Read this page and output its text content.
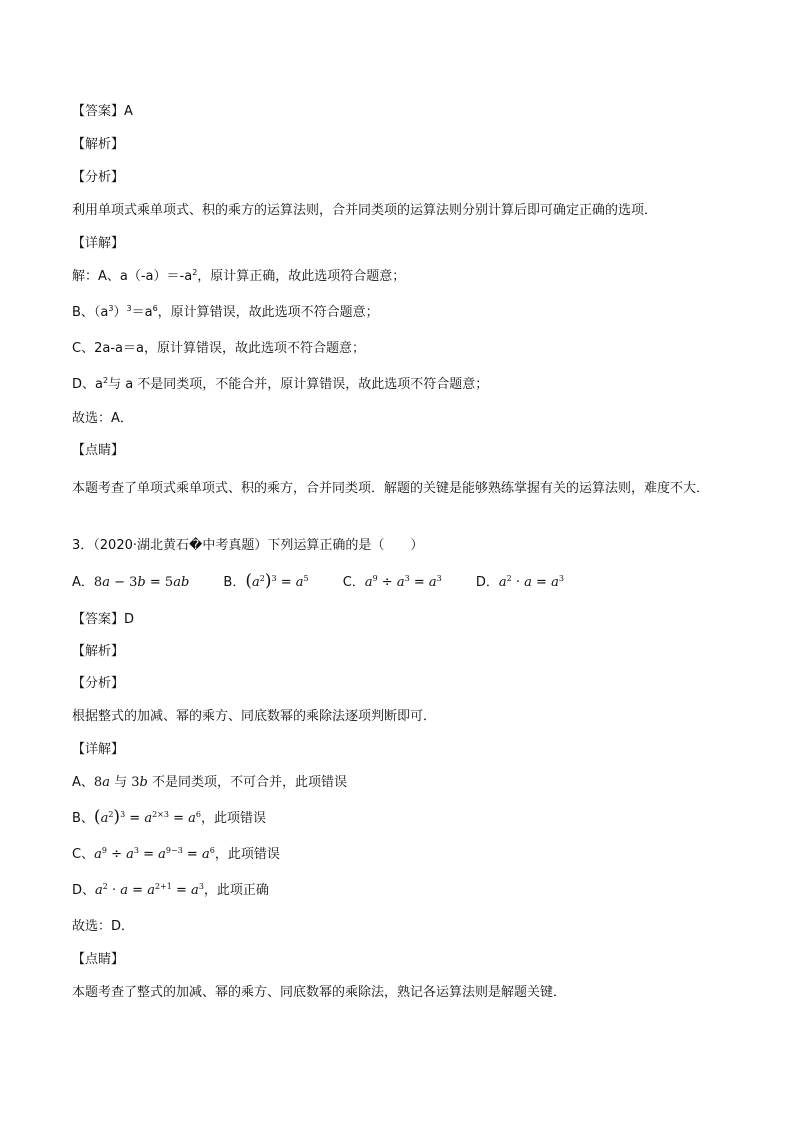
【答案】A
【解析】
【分析】
利用单项式乘单项式、积的乘方的运算法则，合并同类项的运算法则分别计算后即可确定正确的选项．
【详解】
解：A、$a(-a)=-a^2$，原计算正确，故此选项符合题意；
B、$(a^3)^3=a^6$，原计算错误，故此选项不符合题意；
C、2a-a＝a，原计算错误，故此选项不符合题意；
D、$a^2$与 a 不是同类项，不能合并，原计算错误，故此选项不符合题意；
故选：A．
【点睛】
本题考查了单项式乘单项式、积的乘方，合并同类项．解题的关键是能够熟练掌握有关的运算法则，难度不大．
3．（2020·湖北黄石�中考真题）下列运算正确的是（　　）
A．8a − 3b = 5ab	B．$(a^2)^3 = a^5$	C．$a^9 \div a^3 = a^3$	D．$a^2 \cdot a = a^3$
【答案】D
【解析】
【分析】
根据整式的加减、幂的乘方、同底数幂的乘除法逐项判断即可．
【详解】
A、8a 与 3b 不是同类项，不可合并，此项错误
B、$(a^2)^3 = a^{2\times 3} = a^6$，此项错误
C、$a^9 \div a^3 = a^{9-3} = a^6$，此项错误
D、$a^2 \cdot a = a^{2+1} = a^3$，此项正确
故选：D．
【点睛】
本题考查了整式的加减、幂的乘方、同底数幂的乘除法，熟记各运算法则是解题关键．
